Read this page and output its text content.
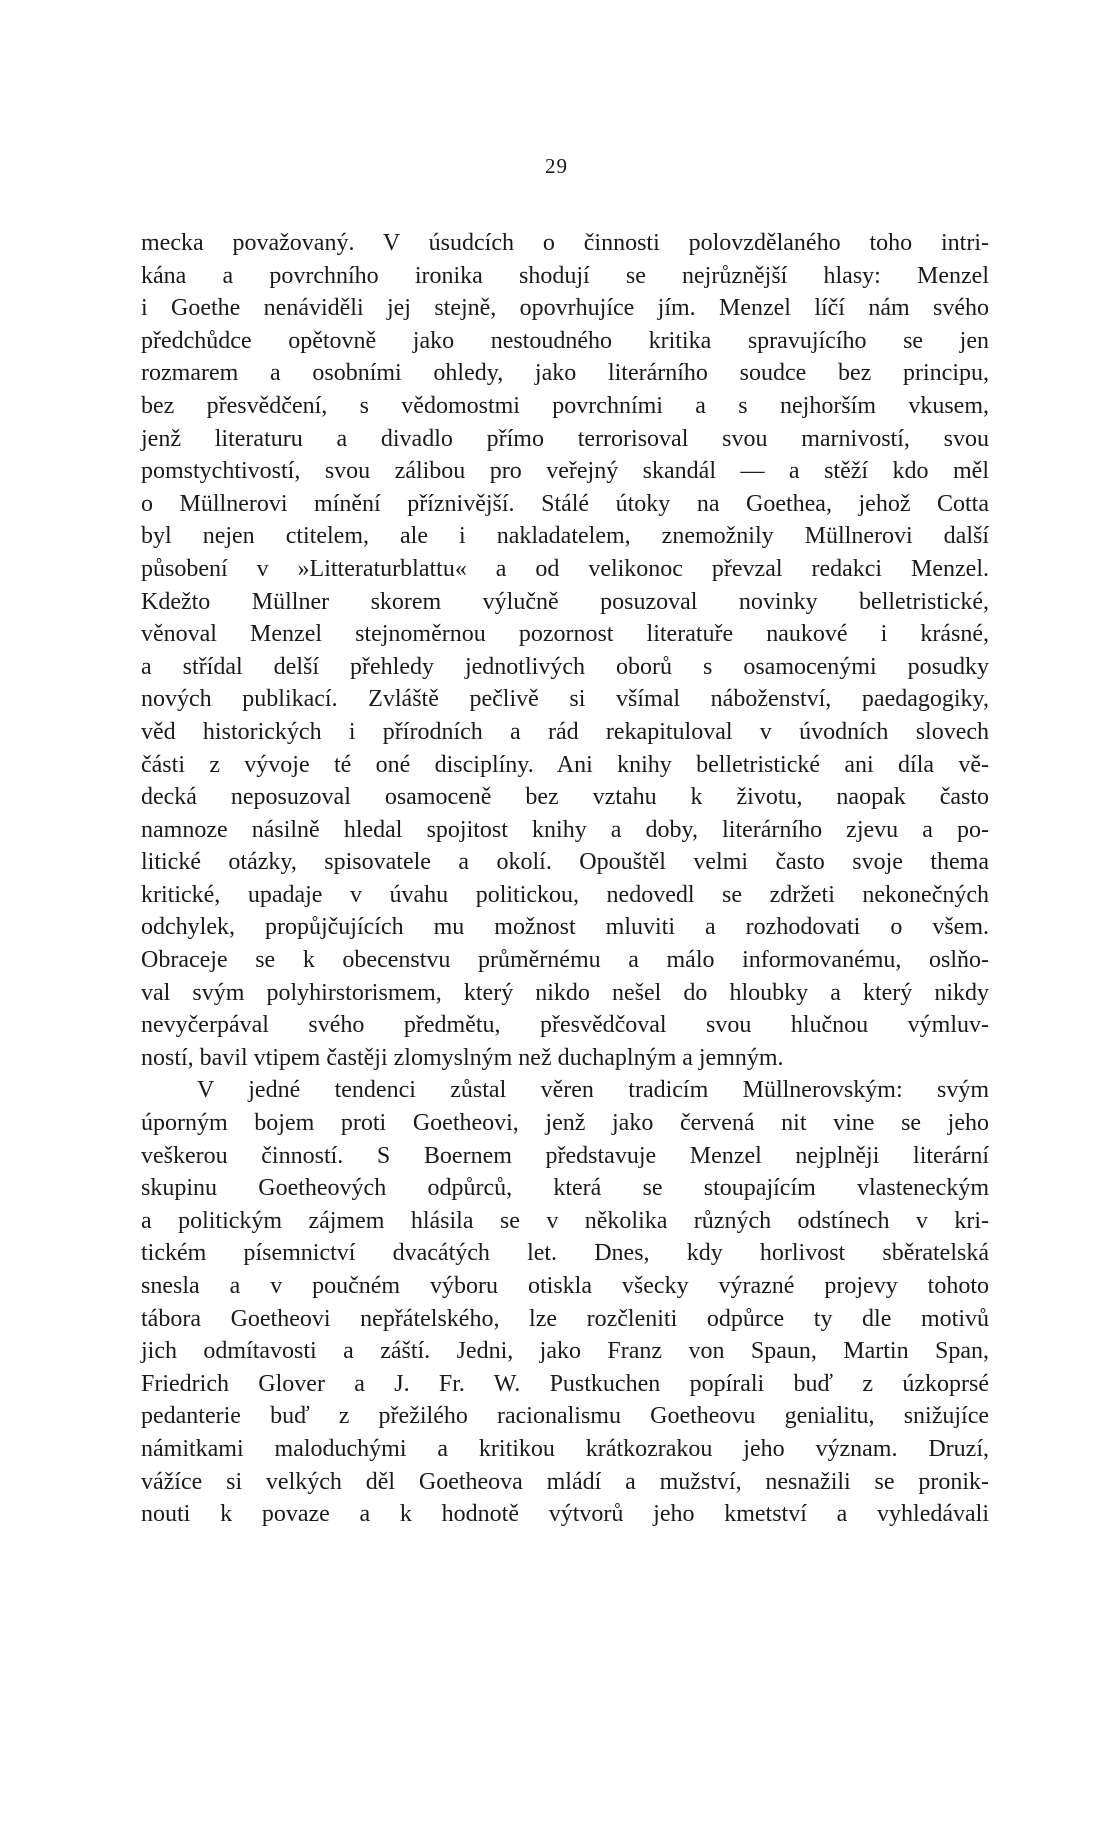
29
mecka považovaný. V úsudcích o činnosti polovzdělaného toho intri-
kána a povrchního ironika shodují se nejrůznější hlasy: Menzel
i Goethe nenáviděli jej stejně, opovrhujíce jím. Menzel líčí nám svého
předchůdce opětovně jako nestoudného kritika spravujícího se jen
rozmarem a osobními ohledy, jako literárního soudce bez principu,
bez přesvědčení, s vědomostmi povrchními a s nejhorším vkusem,
jenž literaturu a divadlo přímo terrorisoval svou marnivostí, svou
pomstychtivostí, svou zálibou pro veřejný skandál — a stěží kdo měl
o Müllnerovi mínění příznivější. Stálé útoky na Goethea, jehož Cotta
byl nejen ctitelem, ale i nakladatelem, znemožnily Müllnerovi další
působení v »Litteraturblattu« a od velikonoc převzal redakci Menzel.
Kdežto Müllner skorem výlučně posuzoval novinky belletristické,
věnoval Menzel stejnoměrnou pozornost literatuře naukové i krásné,
a střídal delší přehledy jednotlivých oborů s osamocenými posudky
nových publikací. Zvláště pečlivě si všímal náboženství, paedagogiky,
věd historických i přírodních a rád rekapituloval v úvodních slovech
části z vývoje té oné disciplíny. Ani knihy belletristické ani díla vě-
decká neposuzoval osamoceně bez vztahu k životu, naopak často
namnoze násilně hledal spojitost knihy a doby, literárního zjevu a po-
litické otázky, spisovatele a okolí. Opouštěl velmi často svoje thema
kritické, upadaje v úvahu politickou, nedovedl se zdržeti nekonečných
odchylek, propůjčujících mu možnost mluviti a rozhodovati o všem.
Obraceje se k obecenstvu průměrnému a málo informovanému, oslňo-
val svým polyhirstorismem, který nikdo nešel do hloubky a který nikdy
nevyčerpával svého předmětu, přesvědčoval svou hlučnou výmluv-
ností, bavil vtipem častěji zlomyslným než duchaplným a jemným.
V jedné tendenci zůstal věren tradicím Müllnerovským: svým
úporným bojem proti Goetheovi, jenž jako červená nit vine se jeho
veškerou činností. S Boernem představuje Menzel nejplněji literární
skupinu Goetheových odpůrců, která se stoupajícím vlasteneckým
a politickým zájmem hlásila se v několika různých odstínech v kri-
tickém písemnictví dvacátých let. Dnes, kdy horlivost sběratelská
snesla a v poučném výboru otiskla všecky výrazné projevy tohoto
tábora Goetheovi nepřátelského, lze rozčleniti odpůrce ty dle motivů
jich odmítavosti a záští. Jedni, jako Franz von Spaun, Martin Span,
Friedrich Glover a J. Fr. W. Pustkuchen popírali buď z úzkoprsé
pedanterie buď z přežilého racionalismu Goetheovu genialitu, snižujíce
námitkami maloduchými a kritikou krátkozrakou jeho význam. Druzí,
vážíce si velkých děl Goetheova mládí a mužství, nesnažili se pronik-
nouti k povaze a k hodnotě výtvorů jeho kmetství a vyhledávali
